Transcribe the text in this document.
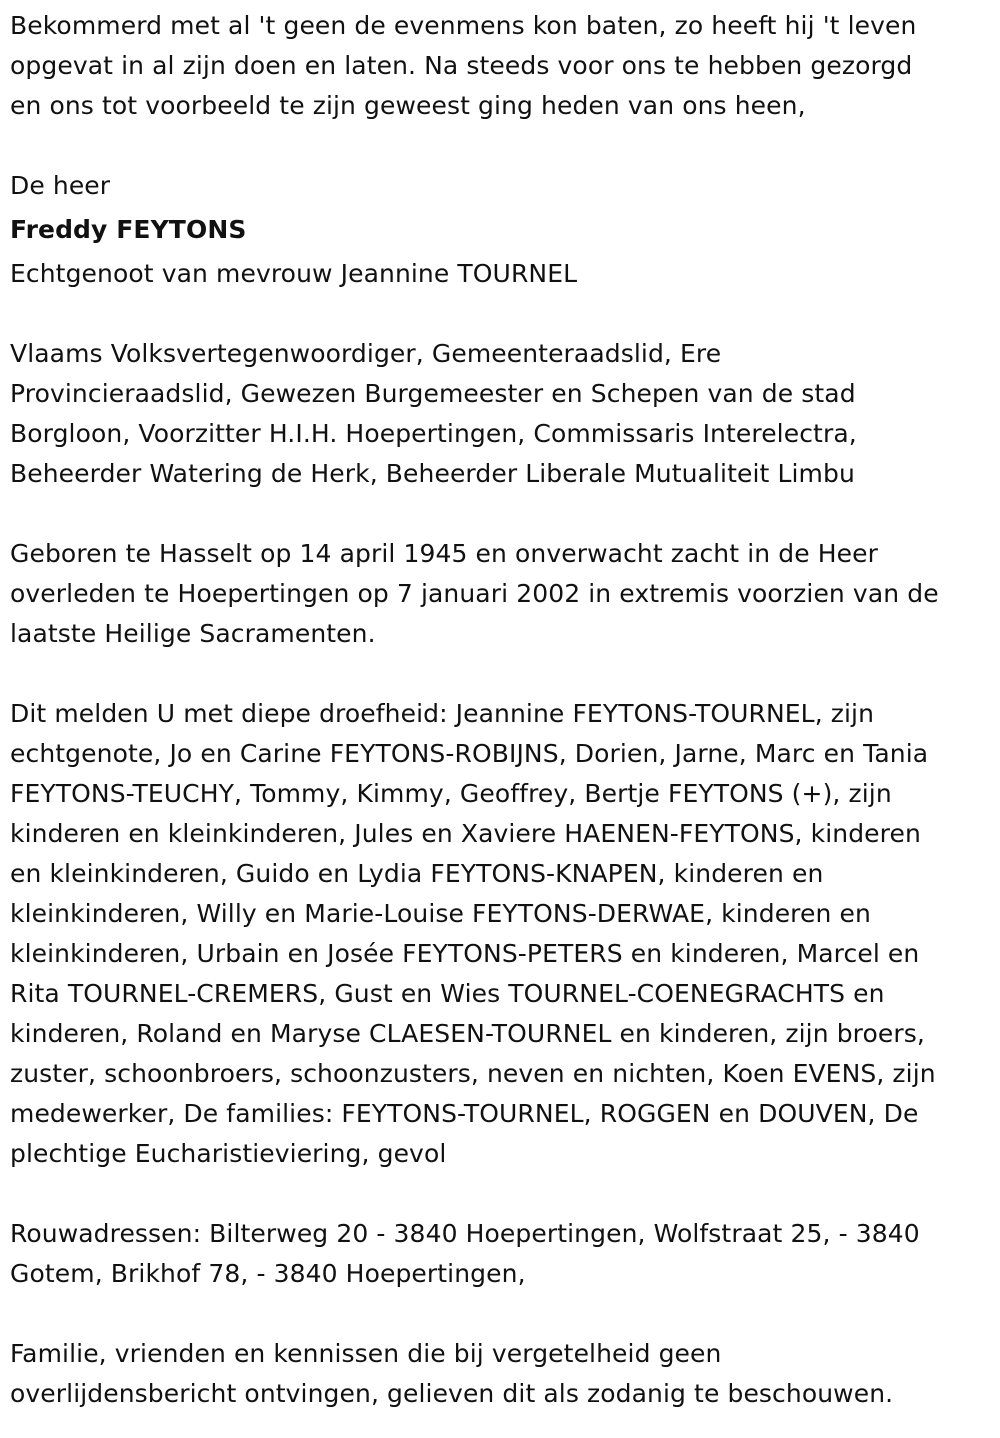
Bekommerd met al 't geen de evenmens kon baten, zo heeft hij 't leven

opgevat in al zijn doen en laten. Na steeds voor ons te hebben gezorgd

en ons tot voorbeeld te zijn geweest ging heden van ons heen,

De heer

Freddy FEYTONS

Echtgenoot van mevrouw Jeannine TOURNEL

Vlaams Volksvertegenwoordiger, Gemeenteraadslid, Ere

Provincieraadslid, Gewezen Burgemeester en Schepen van de stad

Borgloon, Voorzitter H.I.H. Hoepertingen, Commissaris Interelectra,

Beheerder Watering de Herk, Beheerder Liberale Mutualiteit Limbu

Geboren te Hasselt op 14 april 1945 en onverwacht zacht in de Heer

overleden te Hoepertingen op 7 januari 2002 in extremis voorzien van de

laatste Heilige Sacramenten.

Dit melden U met diepe droefheid: Jeannine FEYTONS-TOURNEL, zijn

echtgenote, Jo en Carine FEYTONS-ROBIJNS, Dorien, Jarne, Marc en Tania

FEYTONS-TEUCHY, Tommy, Kimmy, Geoffrey, Bertje FEYTONS (+), zijn

kinderen en kleinkinderen, Jules en Xaviere HAENEN-FEYTONS, kinderen

en kleinkinderen, Guido en Lydia FEYTONS-KNAPEN, kinderen en

kleinkinderen, Willy en Marie-Louise FEYTONS-DERWAE, kinderen en

kleinkinderen, Urbain en Josée FEYTONS-PETERS en kinderen, Marcel en

Rita TOURNEL-CREMERS, Gust en Wies TOURNEL-COENEGRACHTS en

kinderen, Roland en Maryse CLAESEN-TOURNEL en kinderen, zijn broers,

zuster, schoonbroers, schoonzusters, neven en nichten, Koen EVENS, zijn

medewerker, De families: FEYTONS-TOURNEL, ROGGEN en DOUVEN, De

plechtige Eucharistieviering, gevol

Rouwadressen: Bilterweg 20 - 3840 Hoepertingen, Wolfstraat 25, - 3840

Gotem, Brikhof 78, - 3840 Hoepertingen,

Familie, vrienden en kennissen die bij vergetelheid geen

overlijdensbericht ontvingen, gelieven dit als zodanig te beschouwen.
